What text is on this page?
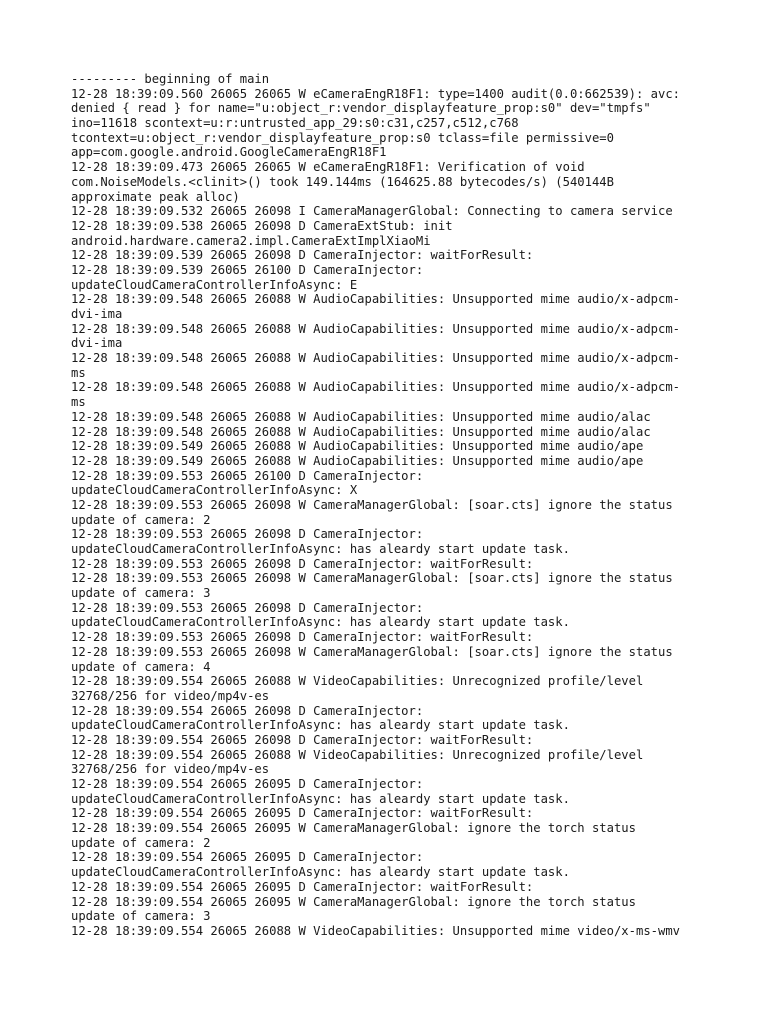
--------- beginning of main
12-28 18:39:09.560 26065 26065 W eCameraEngR18F1: type=1400 audit(0.0:662539): avc:
denied { read } for name="u:object_r:vendor_displayfeature_prop:s0" dev="tmpfs"
ino=11618 scontext=u:r:untrusted_app_29:s0:c31,c257,c512,c768
tcontext=u:object_r:vendor_displayfeature_prop:s0 tclass=file permissive=0
app=com.google.android.GoogleCameraEngR18F1
12-28 18:39:09.473 26065 26065 W eCameraEngR18F1: Verification of void
com.NoiseModels.<clinit>() took 149.144ms (164625.88 bytecodes/s) (540144B
approximate peak alloc)
12-28 18:39:09.532 26065 26098 I CameraManagerGlobal: Connecting to camera service
12-28 18:39:09.538 26065 26098 D CameraExtStub: init
android.hardware.camera2.impl.CameraExtImplXiaoMi
12-28 18:39:09.539 26065 26098 D CameraInjector: waitForResult:
12-28 18:39:09.539 26065 26100 D CameraInjector:
updateCloudCameraControllerInfoAsync: E
12-28 18:39:09.548 26065 26088 W AudioCapabilities: Unsupported mime audio/x-adpcm-
dvi-ima
12-28 18:39:09.548 26065 26088 W AudioCapabilities: Unsupported mime audio/x-adpcm-
dvi-ima
12-28 18:39:09.548 26065 26088 W AudioCapabilities: Unsupported mime audio/x-adpcm-
ms
12-28 18:39:09.548 26065 26088 W AudioCapabilities: Unsupported mime audio/x-adpcm-
ms
12-28 18:39:09.548 26065 26088 W AudioCapabilities: Unsupported mime audio/alac
12-28 18:39:09.548 26065 26088 W AudioCapabilities: Unsupported mime audio/alac
12-28 18:39:09.549 26065 26088 W AudioCapabilities: Unsupported mime audio/ape
12-28 18:39:09.549 26065 26088 W AudioCapabilities: Unsupported mime audio/ape
12-28 18:39:09.553 26065 26100 D CameraInjector:
updateCloudCameraControllerInfoAsync: X
12-28 18:39:09.553 26065 26098 W CameraManagerGlobal: [soar.cts] ignore the status
update of camera: 2
12-28 18:39:09.553 26065 26098 D CameraInjector:
updateCloudCameraControllerInfoAsync: has aleardy start update task.
12-28 18:39:09.553 26065 26098 D CameraInjector: waitForResult:
12-28 18:39:09.553 26065 26098 W CameraManagerGlobal: [soar.cts] ignore the status
update of camera: 3
12-28 18:39:09.553 26065 26098 D CameraInjector:
updateCloudCameraControllerInfoAsync: has aleardy start update task.
12-28 18:39:09.553 26065 26098 D CameraInjector: waitForResult:
12-28 18:39:09.553 26065 26098 W CameraManagerGlobal: [soar.cts] ignore the status
update of camera: 4
12-28 18:39:09.554 26065 26088 W VideoCapabilities: Unrecognized profile/level
32768/256 for video/mp4v-es
12-28 18:39:09.554 26065 26098 D CameraInjector:
updateCloudCameraControllerInfoAsync: has aleardy start update task.
12-28 18:39:09.554 26065 26098 D CameraInjector: waitForResult:
12-28 18:39:09.554 26065 26088 W VideoCapabilities: Unrecognized profile/level
32768/256 for video/mp4v-es
12-28 18:39:09.554 26065 26095 D CameraInjector:
updateCloudCameraControllerInfoAsync: has aleardy start update task.
12-28 18:39:09.554 26065 26095 D CameraInjector: waitForResult:
12-28 18:39:09.554 26065 26095 W CameraManagerGlobal: ignore the torch status
update of camera: 2
12-28 18:39:09.554 26065 26095 D CameraInjector:
updateCloudCameraControllerInfoAsync: has aleardy start update task.
12-28 18:39:09.554 26065 26095 D CameraInjector: waitForResult:
12-28 18:39:09.554 26065 26095 W CameraManagerGlobal: ignore the torch status
update of camera: 3
12-28 18:39:09.554 26065 26088 W VideoCapabilities: Unsupported mime video/x-ms-wmv
